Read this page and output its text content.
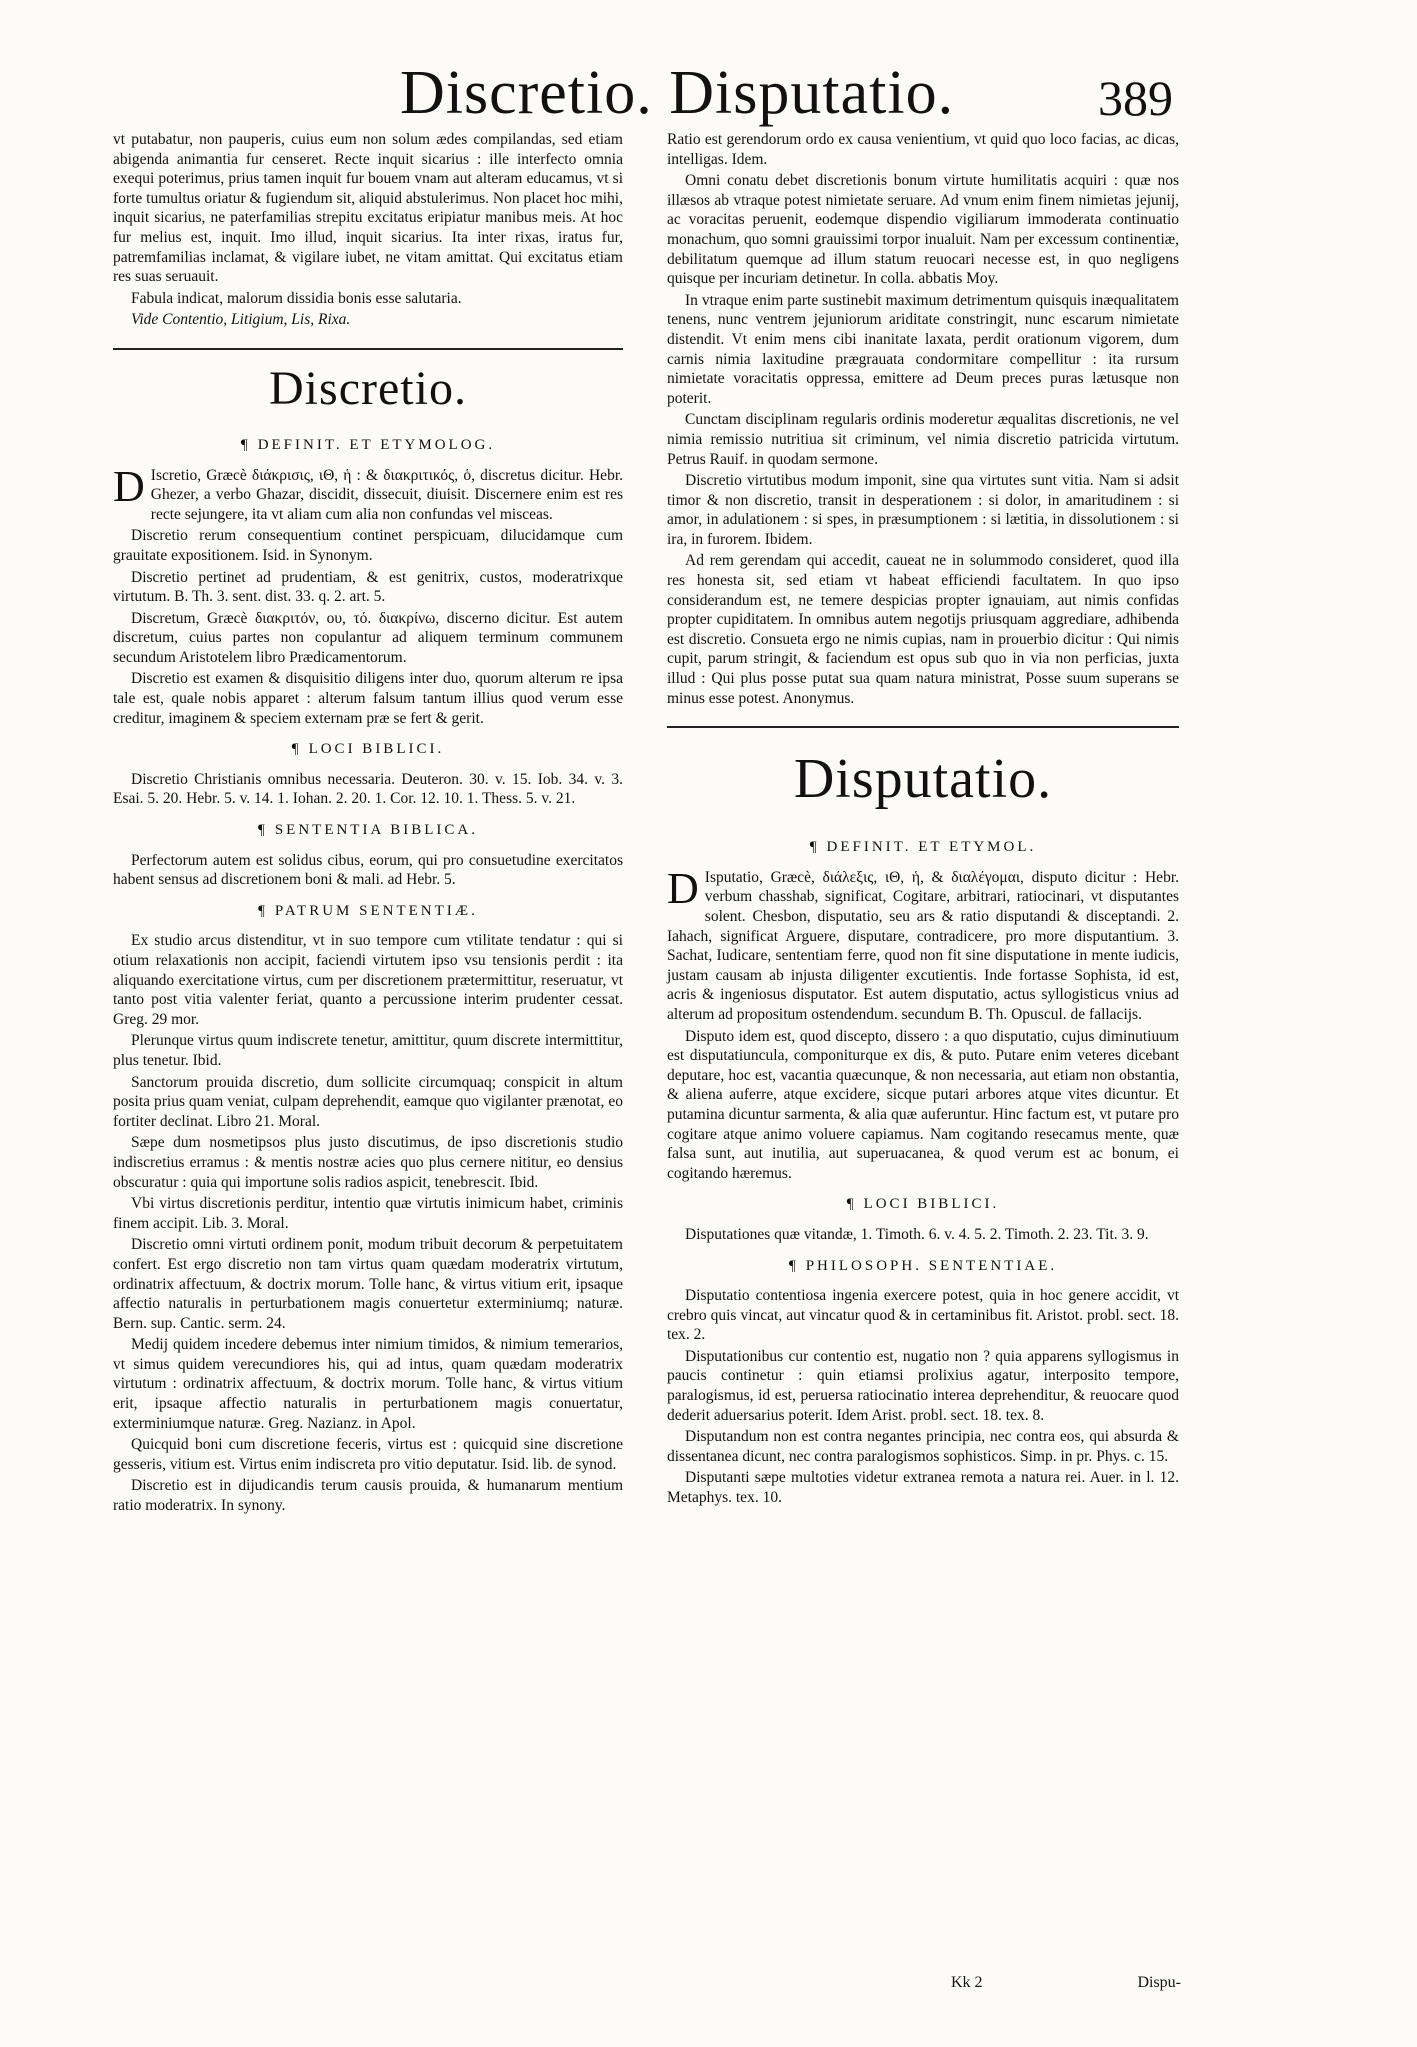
Discretio. Disputatio.	389

vt putabatur, non pauperis, cuius eum non solum ædes compilandas, sed etiam abigenda animantia fur censeret. Recte inquit sicarius : ille interfecto omnia exequi poterimus, prius tamen inquit fur bouem vnam aut alteram educamus, vt si forte tumultus oriatur & fugiendum sit, aliquid abstulerimus. Non placet hoc mihi, inquit sicarius, ne paterfamilias strepitu excitatus eripiatur manibus meis. At hoc fur melius est, inquit. Imo illud, inquit sicarius. Ita inter rixas, iratus fur, patremfamilias inclamat, & vigilare iubet, ne vitam amittat. Qui excitatus etiam res suas seruauit.

Fabula indicat, malorum dissidia bonis esse salutaria.

Vide Contentio, Litigium, Lis, Rixa.

Discretio.
¶ DEFINIT. ET ETYMOLOG.

D Iscretio, Græcè διάκρισις, ιΘ, ἡ : & διακριτικός, ὁ, discretus dicitur. Hebr. Ghezer, a verbo Ghazar, discidit, dissecuit, diuisit. Discernere enim est res recte sejungere, ita vt aliam cum alia non confundas vel misceas.

Discretio rerum consequentium continet perspicuam, dilucidamque cum grauitate expositionem. Isid. in Synonym.

Discretio pertinet ad prudentiam, & est genitrix, custos, moderatrixque virtutum. B. Th. 3. sent. dist. 33. q. 2. art. 5.

Discretum, Græcè διακριτόν, ου, τό. διακρίνω, discerno dicitur. Est autem discretum, cuius partes non copulantur ad aliquem terminum communem secundum Aristotelem libro Prædicamentorum.

Discretio est examen & disquisitio diligens inter duo, quorum alterum re ipsa tale est, quale nobis apparet : alterum falsum tantum illius quod verum esse creditur, imaginem & speciem externam præ se fert & gerit.

¶ LOCI BIBLICI.

Discretio Christianis omnibus necessaria. Deuteron. 30. v. 15. Iob. 34. v. 3. Esai. 5. 20. Hebr. 5. v. 14. 1. Iohan. 2. 20. 1. Cor. 12. 10. 1. Thess. 5. v. 21.

¶ SENTENTIA BIBLICA.

Perfectorum autem est solidus cibus, eorum, qui pro consuetudine exercitatos habent sensus ad discretionem boni & mali. ad Hebr. 5.

¶ PATRUM SENTENTIÆ.

Ex studio arcus distenditur, vt in suo tempore cum vtilitate tendatur : qui si otium relaxationis non accipit, faciendi virtutem ipso vsu tensionis perdit : ita aliquando exercitatione virtus, cum per discretionem prætermittitur, reseruatur, vt tanto post vitia valenter feriat, quanto a percussione interim prudenter cessat. Greg. 29 mor.

Plerunque virtus quum indiscrete tenetur, amittitur, quum discrete intermittitur, plus tenetur. Ibid.

Sanctorum prouida discretio, dum sollicite circumquaq; conspicit in altum posita prius quam veniat, culpam deprehendit, eamque quo vigilanter prænotat, eo fortiter declinat. Libro 21. Moral.

Sæpe dum nosmetipsos plus justo discutimus, de ipso discretionis studio indiscretius erramus : & mentis nostræ acies quo plus cernere nititur, eo densius obscuratur : quia qui importune solis radios aspicit, tenebrescit. Ibid.

Vbi virtus discretionis perditur, intentio quæ virtutis inimicum habet, criminis finem accipit. Lib. 3. Moral.

Discretio omni virtuti ordinem ponit, modum tribuit decorum & perpetuitatem confert. Est ergo discretio non tam virtus quam quædam moderatrix virtutum, ordinatrix affectuum, & doctrix morum. Tolle hanc, & virtus vitium erit, ipsaque affectio naturalis in perturbationem magis conuertetur exterminiumq; naturæ. Bern. sup. Cantic. serm. 24.

Medij quidem incedere debemus inter nimium timidos, & nimium temerarios, vt simus quidem verecundiores his, qui ad intus, quam quædam moderatrix virtutum : ordinatrix affectuum, & doctrix morum. Tolle hanc, & virtus vitium erit, ipsaque affectio naturalis in perturbationem magis conuertatur, exterminiumque naturæ. Greg. Nazianz. in Apol.

Quicquid boni cum discretione feceris, virtus est : quicquid sine discretione gesseris, vitium est. Virtus enim indiscreta pro vitio deputatur. Isid. lib. de synod.

Discretio est in dijudicandis terum causis prouida, & humanarum mentium ratio moderatrix. In synony.

Ratio est gerendorum ordo ex causa venientium, vt quid quo loco facias, ac dicas, intelligas. Idem.

Omni conatu debet discretionis bonum virtute humilitatis acquiri : quæ nos illæsos ab vtraque potest nimietate seruare. Ad vnum enim finem nimietas jejunij, ac voracitas peruenit, eodemque dispendio vigiliarum immoderata continuatio monachum, quo somni grauissimi torpor inualuit. Nam per excessum continentiæ, debilitatum quemque ad illum statum reuocari necesse est, in quo negligens quisque per incuriam detinetur. In colla. abbatis Moy.

In vtraque enim parte sustinebit maximum detrimentum quisquis inæqualitatem tenens, nunc ventrem jejuniorum ariditate constringit, nunc escarum nimietate distendit. Vt enim mens cibi inanitate laxata, perdit orationum vigorem, dum carnis nimia laxitudine prægrauata condormitare compellitur : ita rursum nimietate voracitatis oppressa, emittere ad Deum preces puras lætusque non poterit.

Cunctam disciplinam regularis ordinis moderetur æqualitas discretionis, ne vel nimia remissio nutritiua sit criminum, vel nimia discretio patricida virtutum. Petrus Rauif. in quodam sermone.

Discretio virtutibus modum imponit, sine qua virtutes sunt vitia. Nam si adsit timor & non discretio, transit in desperationem : si dolor, in amaritudinem : si amor, in adulationem : si spes, in præsumptionem : si lætitia, in dissolutionem : si ira, in furorem. Ibidem.

Ad rem gerendam qui accedit, caueat ne in solummodo consideret, quod illa res honesta sit, sed etiam vt habeat efficiendi facultatem. In quo ipso considerandum est, ne temere despicias propter ignauiam, aut nimis confidas propter cupiditatem. In omnibus autem negotijs priusquam aggrediare, adhibenda est discretio. Consueta ergo ne nimis cupias, nam in prouerbio dicitur : Qui nimis cupit, parum stringit, & faciendum est opus sub quo in via non perficias, juxta illud : Qui plus posse putat sua quam natura ministrat, Posse suum superans se minus esse potest. Anonymus.

Disputatio.
¶ DEFINIT. ET ETYMOL.

D Isputatio, Græcè, διάλεξις, ιΘ, ἡ, & διαλέγομαι, disputo dicitur : Hebr. verbum chasshab, significat, Cogitare, arbitrari, ratiocinari, vt disputantes solent. Chesbon, disputatio, seu ars & ratio disputandi & disceptandi. 2. Iahach, significat Arguere, disputare, contradicere, pro more disputantium. 3. Sachat, Iudicare, sententiam ferre, quod non fit sine disputatione in mente iudicis, justam causam ab injusta diligenter excutientis. Inde fortasse Sophista, id est, acris & ingeniosus disputator. Est autem disputatio, actus syllogisticus vnius ad alterum ad propositum ostendendum. secundum B. Th. Opuscul. de fallacijs.

Disputo idem est, quod discepto, dissero : a quo disputatio, cujus diminutiuum est disputatiuncula, componiturque ex dis, & puto. Putare enim veteres dicebant deputare, hoc est, vacantia quæcunque, & non necessaria, aut etiam non obstantia, & aliena auferre, atque excidere, sicque putari arbores atque vites dicuntur. Et putamina dicuntur sarmenta, & alia quæ auferuntur. Hinc factum est, vt putare pro cogitare atque animo voluere capiamus. Nam cogitando resecamus mente, quæ falsa sunt, aut inutilia, aut superuacanea, & quod verum est ac bonum, ei cogitando hæremus.

¶ LOCI BIBLICI.

Disputationes quæ vitandæ, 1. Timoth. 6. v. 4. 5. 2. Timoth. 2. 23. Tit. 3. 9.

¶ PHILOSOPH. SENTENTIAE.

Disputatio contentiosa ingenia exercere potest, quia in hoc genere accidit, vt crebro quis vincat, aut vincatur quod & in certaminibus fit. Aristot. probl. sect. 18. tex. 2.

Disputationibus cur contentio est, nugatio non ? quia apparens syllogismus in paucis continetur : quin etiamsi prolixius agatur, interposito tempore, paralogismus, id est, peruersa ratiocinatio interea deprehenditur, & reuocare quod dederit aduersarius poterit. Idem Arist. probl. sect. 18. tex. 8.

Disputandum non est contra negantes principia, nec contra eos, qui absurda & dissentanea dicunt, nec contra paralogismos sophisticos. Simp. in pr. Phys. c. 15.

Disputanti sæpe multoties videtur extranea remota a natura rei. Auer. in l. 12. Metaphys. tex. 10.

Kk 2	Dispu-
